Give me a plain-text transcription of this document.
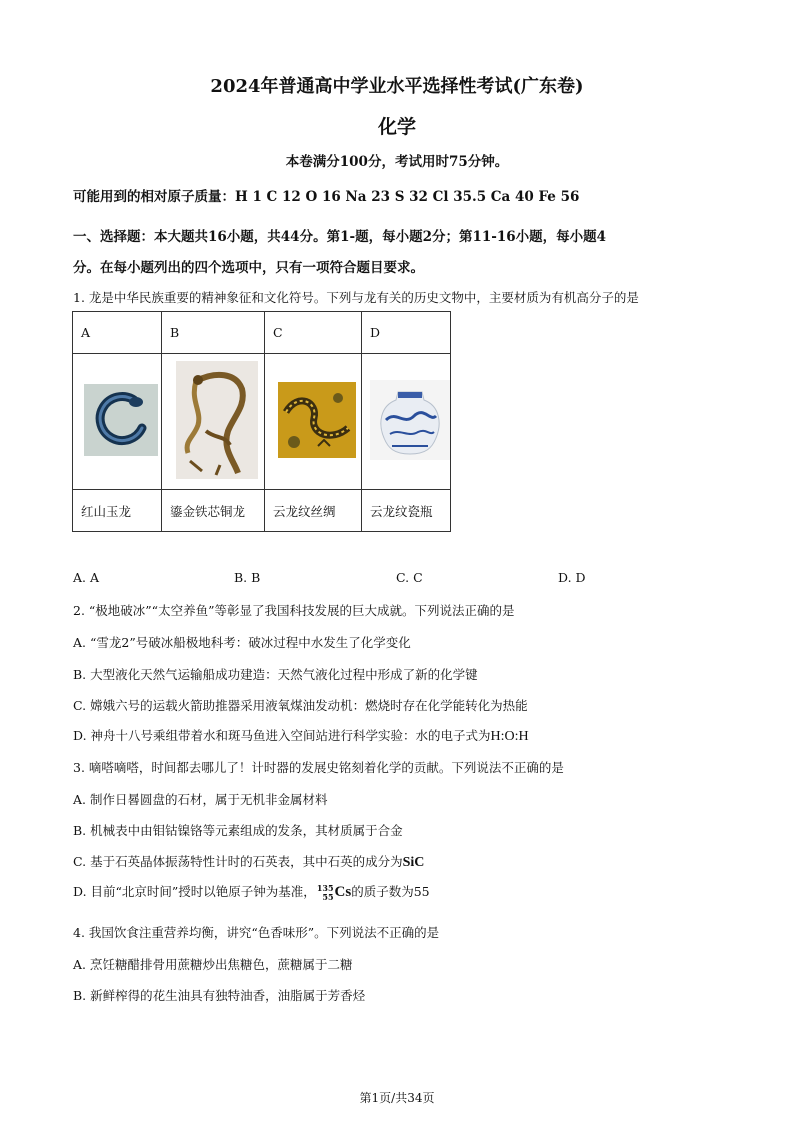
2024年普通高中学业水平选择性考试(广东卷)
化学
本卷满分100分，考试用时75分钟。
可能用到的相对原子质量：H 1 C 12 O 16 Na 23 S 32 Cl 35.5 Ca 40 Fe 56
一、选择题：本大题共16小题，共44分。第1-题，每小题2分；第11-16小题，每小题4
分。在每小题列出的四个选项中，只有一项符合题目要求。
1. 龙是中华民族重要的精神象征和文化符号。下列与龙有关的历史文物中，主要材质为有机高分子的是
A	B	C	D

红山玉龙	鎏金铁芯铜龙	云龙纹丝绸	云龙纹瓷瓶
A. A	B. B	C. C	D. D
2. “极地破冰”“太空养鱼”等彰显了我国科技发展的巨大成就。下列说法正确的是
A. “雪龙2”号破冰船极地科考：破冰过程中水发生了化学变化
B. 大型液化天然气运输船成功建造：天然气液化过程中形成了新的化学键
C. 嫦娥六号的运载火箭助推器采用液氧煤油发动机：燃烧时存在化学能转化为热能
D. 神舟十八号乘组带着水和斑马鱼进入空间站进行科学实验：水的电子式为H:O:H
3. 嘀嗒嘀嗒，时间都去哪儿了！计时器的发展史铭刻着化学的贡献。下列说法不正确的是
A. 制作日晷圆盘的石材，属于无机非金属材料
B. 机械表中由钼钴镍铬等元素组成的发条，其材质属于合金
C. 基于石英晶体振荡特性计时的石英表，其中石英的成分为SiC
D. 目前“北京时间”授时以铯原子钟为基准， 135
55 Cs的质子数为55
4. 我国饮食注重营养均衡，讲究“色香味形”。下列说法不正确的是
A. 烹饪糖醋排骨用蔗糖炒出焦糖色，蔗糖属于二糖
B. 新鲜榨得的花生油具有独特油香，油脂属于芳香烃
第1页/共34页
